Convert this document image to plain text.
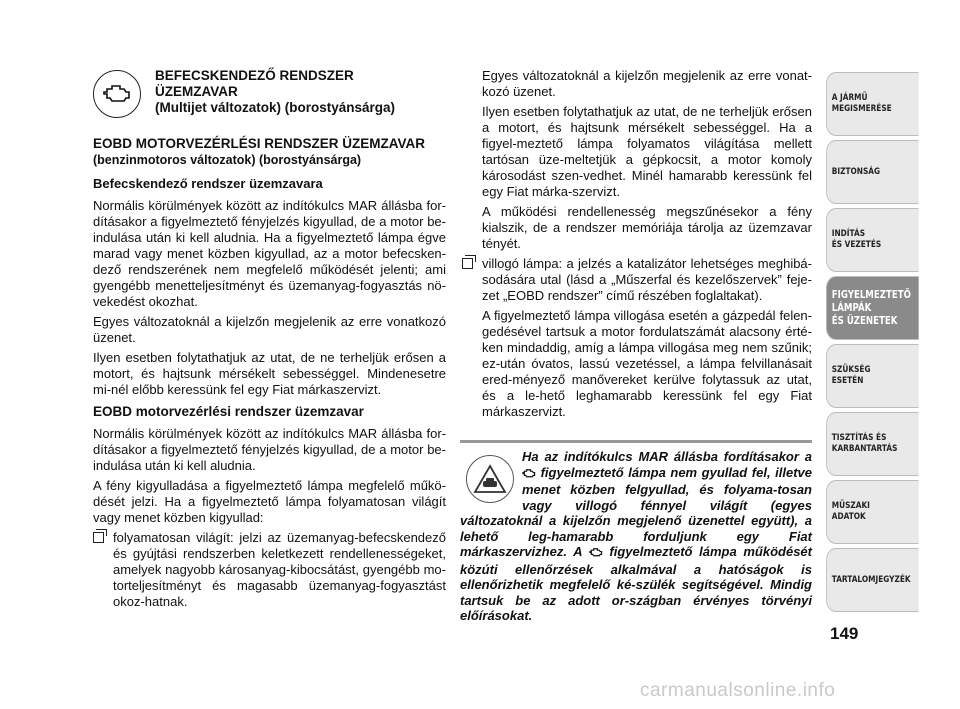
BEFECSKENDEZŐ RENDSZER ÜZEMZAVAR
(Multijet változatok) (borostyánsárga)
EOBD MOTORVEZÉRLÉSI RENDSZER ÜZEMZAVAR (benzinmotoros változatok) (borostyánsárga)
Befecskendező rendszer üzemzavara

Normális körülmények között az indítókulcs MAR állásba for-dításakor a figyelmeztető fényjelzés kigyullad, de a motor be-indulása után ki kell aludnia. Ha a figyelmeztető lámpa égve marad vagy menet közben kigyullad, az a motor befecsken-dező rendszerének nem megfelelő működését jelenti; ami gyengébb menetteljesítményt és üzemanyag-fogyasztás nö-vekedést okozhat.

Egyes változatoknál a kijelzőn megjelenik az erre vonatkozó üzenet.

Ilyen esetben folytathatjuk az utat, de ne terheljük erősen a motort, és hajtsunk mérsékelt sebességgel. Mindenesetre mi-nél előbb keressünk fel egy Fiat márkaszervizt.

EOBD motorvezérlési rendszer üzemzavar

Normális körülmények között az indítókulcs MAR állásba for-dításakor a figyelmeztető fényjelzés kigyullad, de a motor be-indulása után ki kell aludnia.

A fény kigyulladása a figyelmeztető lámpa megfelelő műkö-dését jelzi. Ha a figyelmeztető lámpa folyamatosan világít vagy menet közben kigyullad:

folyamatosan világít: jelzi az üzemanyag-befecskendező és gyújtási rendszerben keletkezett rendellenességeket, amelyek nagyobb károsanyag-kibocsátást, gyengébb mo-torteljesítményt és magasabb üzemanyag-fogyasztást okoz-hatnak.

Egyes változatoknál a kijelzőn megjelenik az erre vonat-kozó üzenet.

Ilyen esetben folytathatjuk az utat, de ne terheljük erősen a motort, és hajtsunk mérsékelt sebességgel. Ha a figyel-meztető lámpa folyamatos világítása mellett tartósan üze-meltetjük a gépkocsit, a motor komoly károsodást szen-vedhet. Minél hamarabb keressünk fel egy Fiat márka-szervizt.

A működési rendellenesség megszűnésekor a fény kialszik, de a rendszer memóriája tárolja az üzemzavar tényét.

villogó lámpa: a jelzés a katalizátor lehetséges meghibá-sodására utal (lásd a „Műszerfal és kezelőszervek” feje-zet „EOBD rendszer” című részében foglaltakat).

A figyelmeztető lámpa villogása esetén a gázpedál felen-gedésével tartsuk a motor fordulatszámát alacsony érté-ken mindaddig, amíg a lámpa villogása meg nem szűnik; ez-után óvatos, lassú vezetéssel, a lámpa felvillanásait ered-ményező manővereket kerülve folytassuk az utat, és a le-hető leghamarabb keressünk fel egy Fiat márkaszervizt.

Ha az indítókulcs MAR állásba fordításakor a  figyelmeztető lámpa nem gyullad fel, illetve menet közben felgyullad, és folyama-tosan vagy villogó fénnyel világít (egyes változatoknál a kijelzőn megjelenő üzenettel együtt), a lehető leg-hamarabb forduljunk egy Fiat márkaszervizhez. A figyelmeztető lámpa működését közúti ellenőrzések alkalmával a hatóságok is ellenőrizhetik megfelelő ké-szülék segítségével. Mindig tartsuk be az adott or-szágban érvényes törvényi előírásokat.
A JÁRMŰ
MEGISMERÉSE
BIZTONSÁG
INDÍTÁS
ÉS VEZETÉS
FIGYELMEZTETŐ
LÁMPÁK
ÉS ÜZENETEK
SZÜKSÉG
ESETÉN
TISZTÍTÁS ÉS
KARBANTARTÁS
MŰSZAKI
ADATOK
TARTALOMJEGYZÉK
149
carmanualsonline.info
